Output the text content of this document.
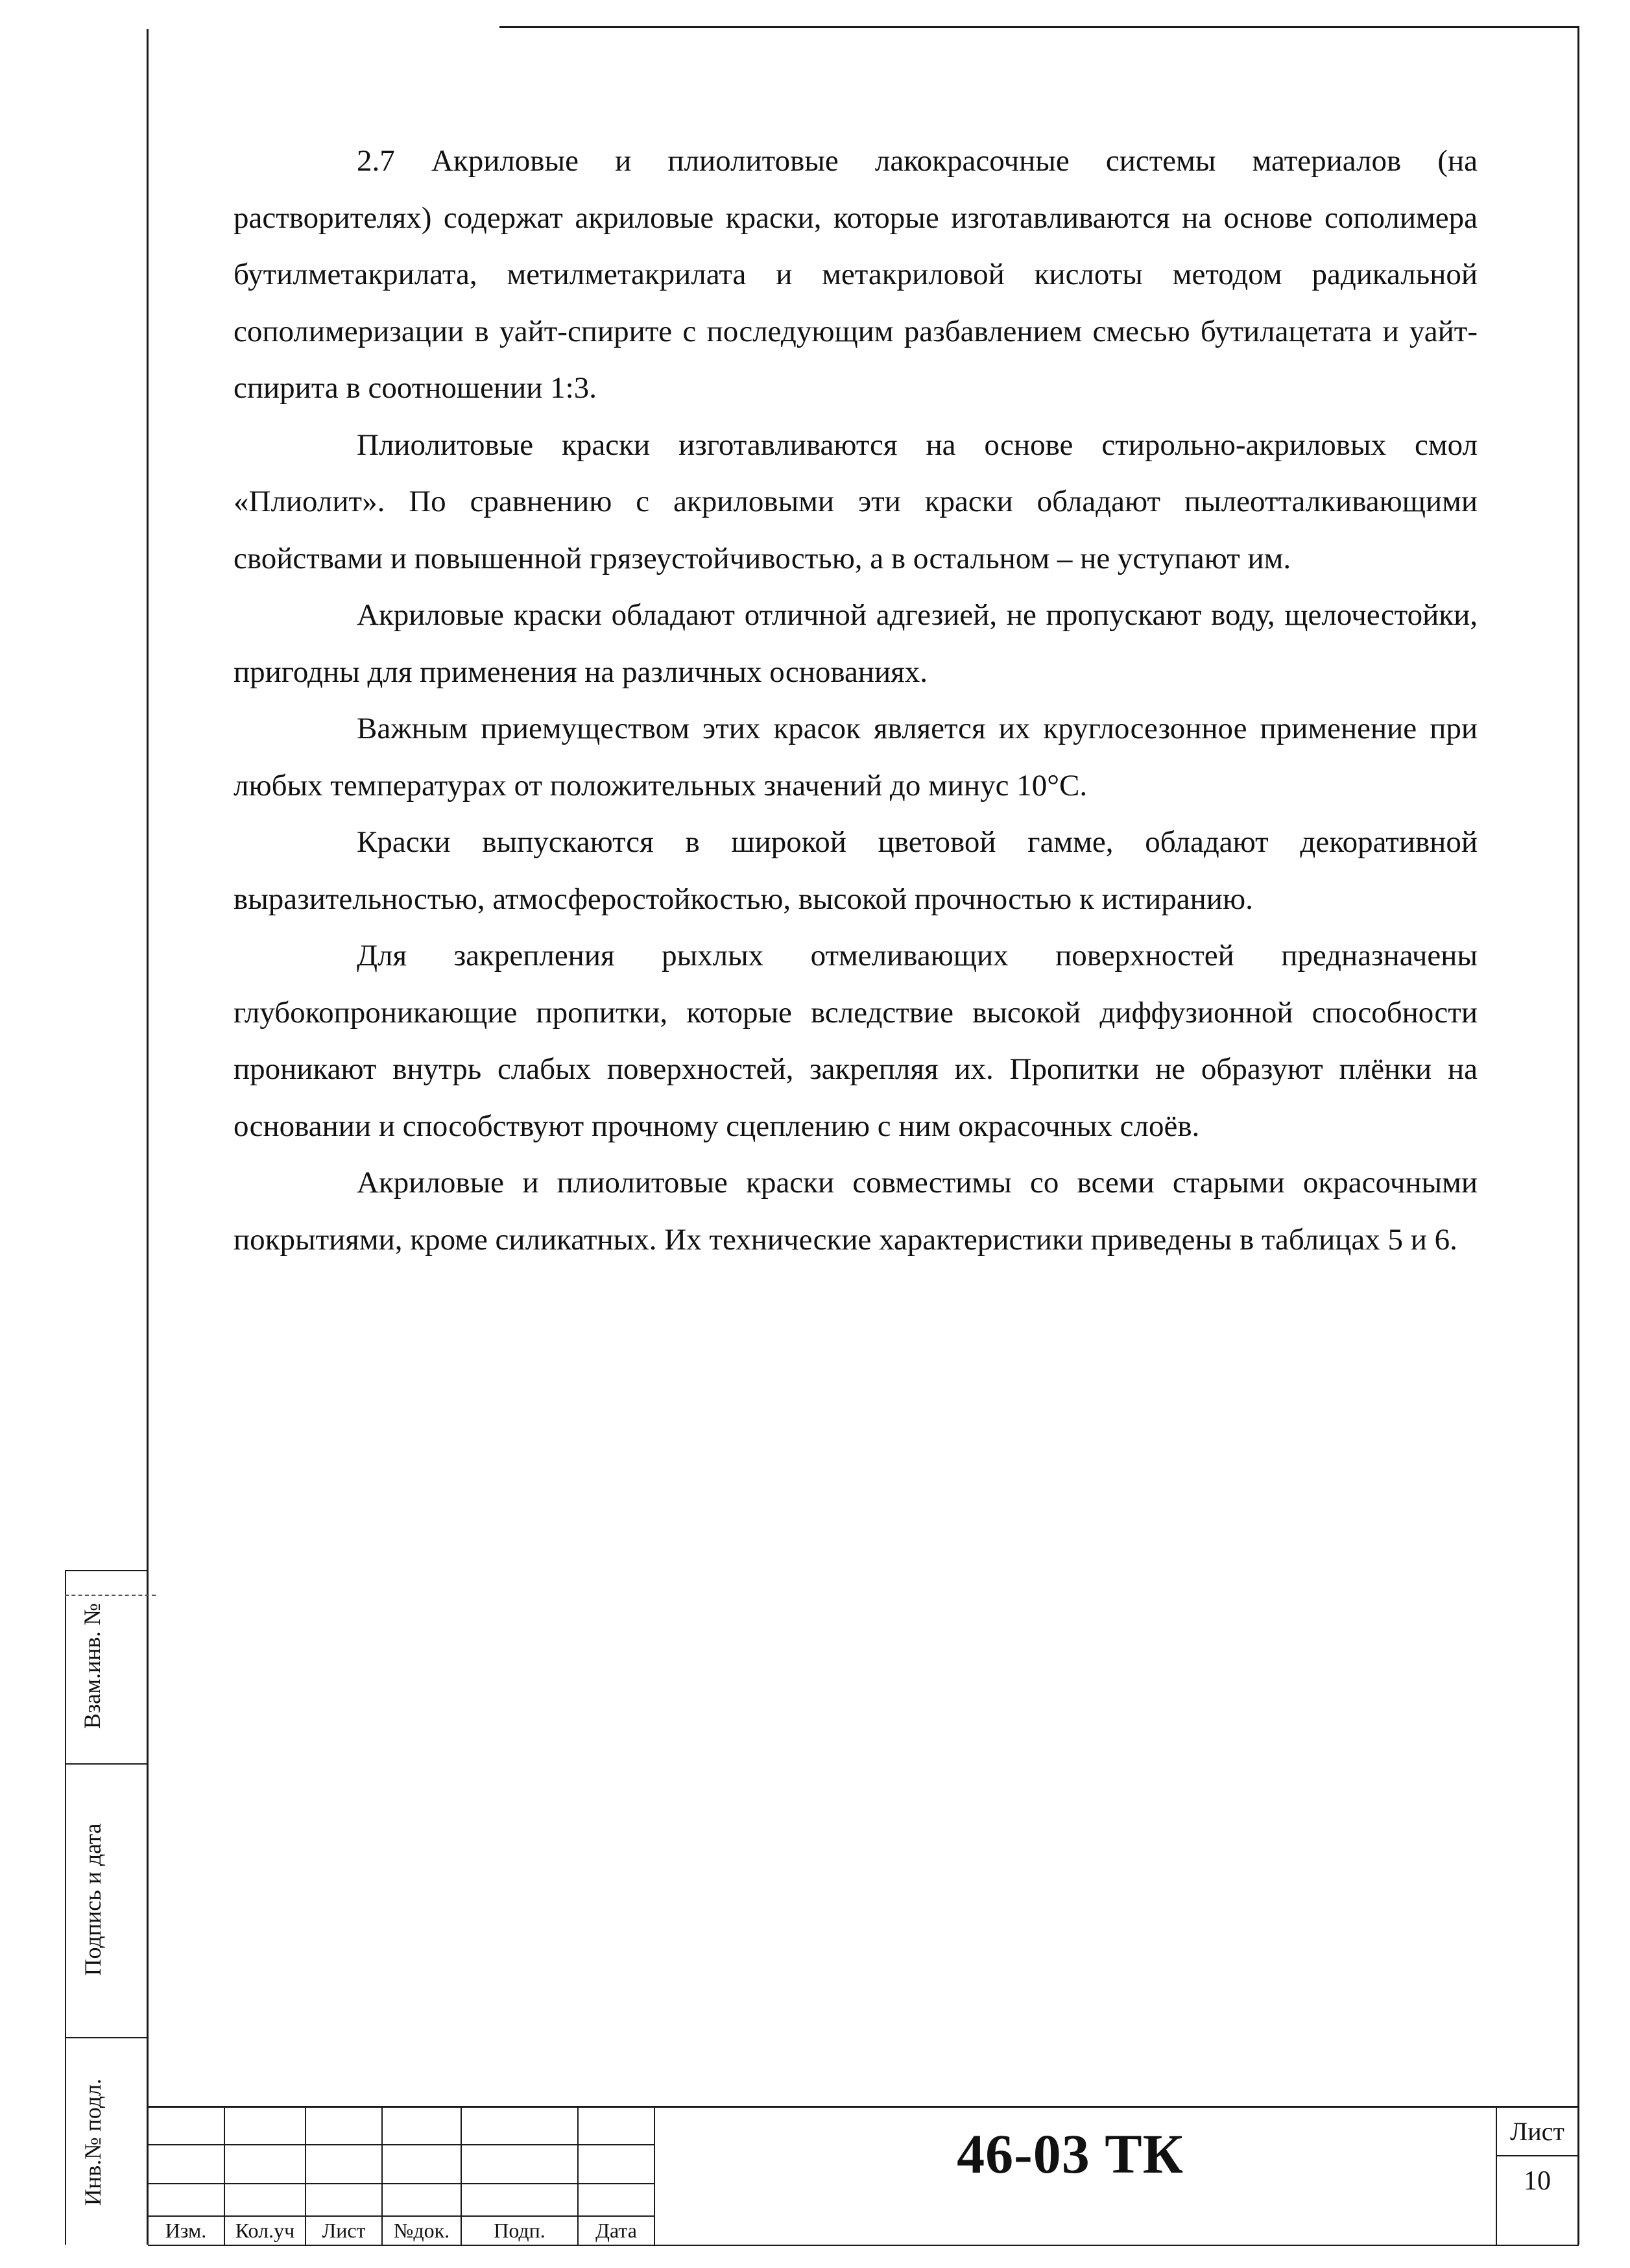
2.7 Акриловые и плиолитовые лакокрасочные системы материалов (на растворителях) содержат акриловые краски, которые изготавливаются на основе сополимера бутилметакрилата, метилметакрилата и метакриловой кислоты методом радикальной сополимеризации в уайт-спирите с последующим разбавлением смесью бутилацетата и уайт-спирита в соотношении 1:3.

Плиолитовые краски изготавливаются на основе стирольно-акриловых смол «Плиолит». По сравнению с акриловыми эти краски обладают пылеотталкивающими свойствами и повышенной грязеустойчивостью, а в остальном – не уступают им.

Акриловые краски обладают отличной адгезией, не пропускают воду, щелочестойки, пригодны для применения на различных основаниях.

Важным приемуществом этих красок является их круглосезонное применение при любых температурах от положительных значений до минус 10°С.

Краски выпускаются в широкой цветовой гамме, обладают декоративной выразительностью, атмосферостойкостью, высокой прочностью к истиранию.

Для закрепления рыхлых отмеливающих поверхностей предназначены глубокопроникающие пропитки, которые вследствие высокой диффузионной способности проникают внутрь слабых поверхностей, закрепляя их. Пропитки не образуют плёнки на основании и способствуют прочному сцеплению с ним окрасочных слоёв.

Акриловые и плиолитовые краски совместимы со всеми старыми окрасочными покрытиями, кроме силикатных. Их технические характеристики приведены в таблицах 5 и 6.

Взам.инв. №
Подпись и дата
Инв.№ подл.
Изм.	Кол.уч	Лист	№док.	Подп.	Дата
46-03 ТК	Лист
10
